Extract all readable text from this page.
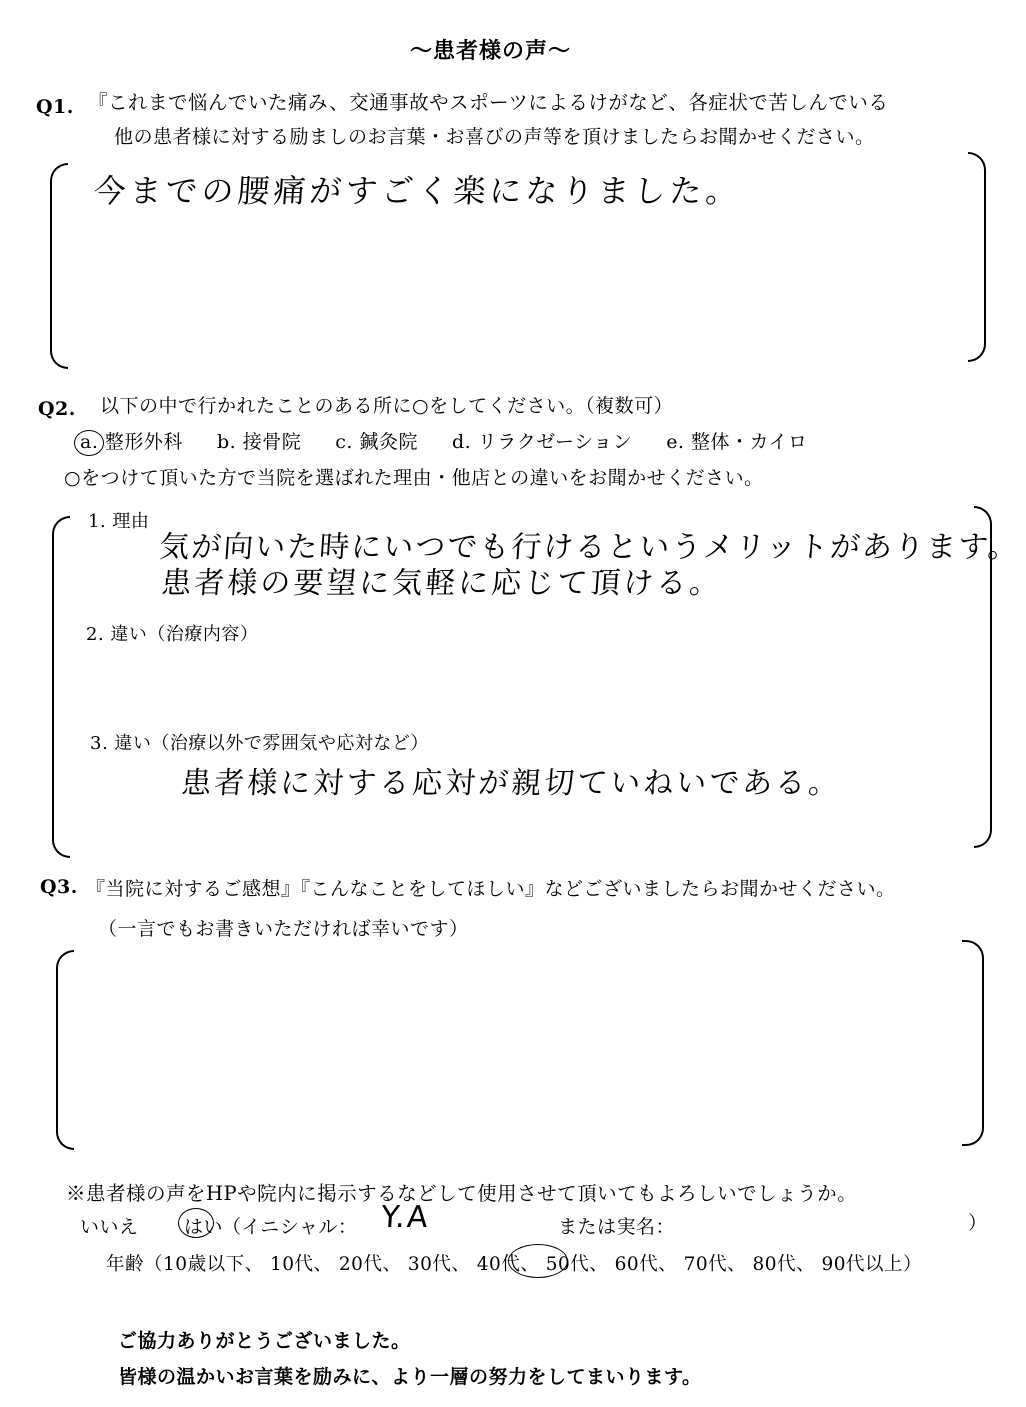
〜患者様の声〜
Q1. 『これまで悩んでいた痛み、交通事故やスポーツによるけがなど、各症状で苦しんでいる
他の患者様に対する励ましのお言葉・お喜びの声等を頂けましたらお聞かせください。
今までの腰痛がすごく楽になりました。
Q2. 以下の中で行かれたことのある所に○をしてください。（複数可）
a. 整形外科 b. 接骨院 c. 鍼灸院 d. リラクゼーション e. 整体・カイロ
○をつけて頂いた方で当院を選ばれた理由・他店との違いをお聞かせください。
1. 理由
気が向いた時にいつでも行けるというメリットがあります。
患者様の要望に気軽に応じて頂ける。
2. 違い（治療内容）
3. 違い（治療以外で雰囲気や応対など）
患者様に対する応対が親切ていねいである。
Q3. 『当院に対するご感想』『こんなことをしてほしい』などございましたらお聞かせください。
（一言でもお書きいただければ幸いです）
※患者様の声をHPや院内に掲示するなどして使用させて頂いてもよろしいでしょうか。
いいえ はい
（イニシャル： Y.A	または実名：	）
年齢（10歳以下、 10代、 20代、 30代、 40代、 50代、 60代、 70代、 80代、 90代以上）
ご協力ありがとうございました。
皆様の温かいお言葉を励みに、より一層の努力をしてまいります。
